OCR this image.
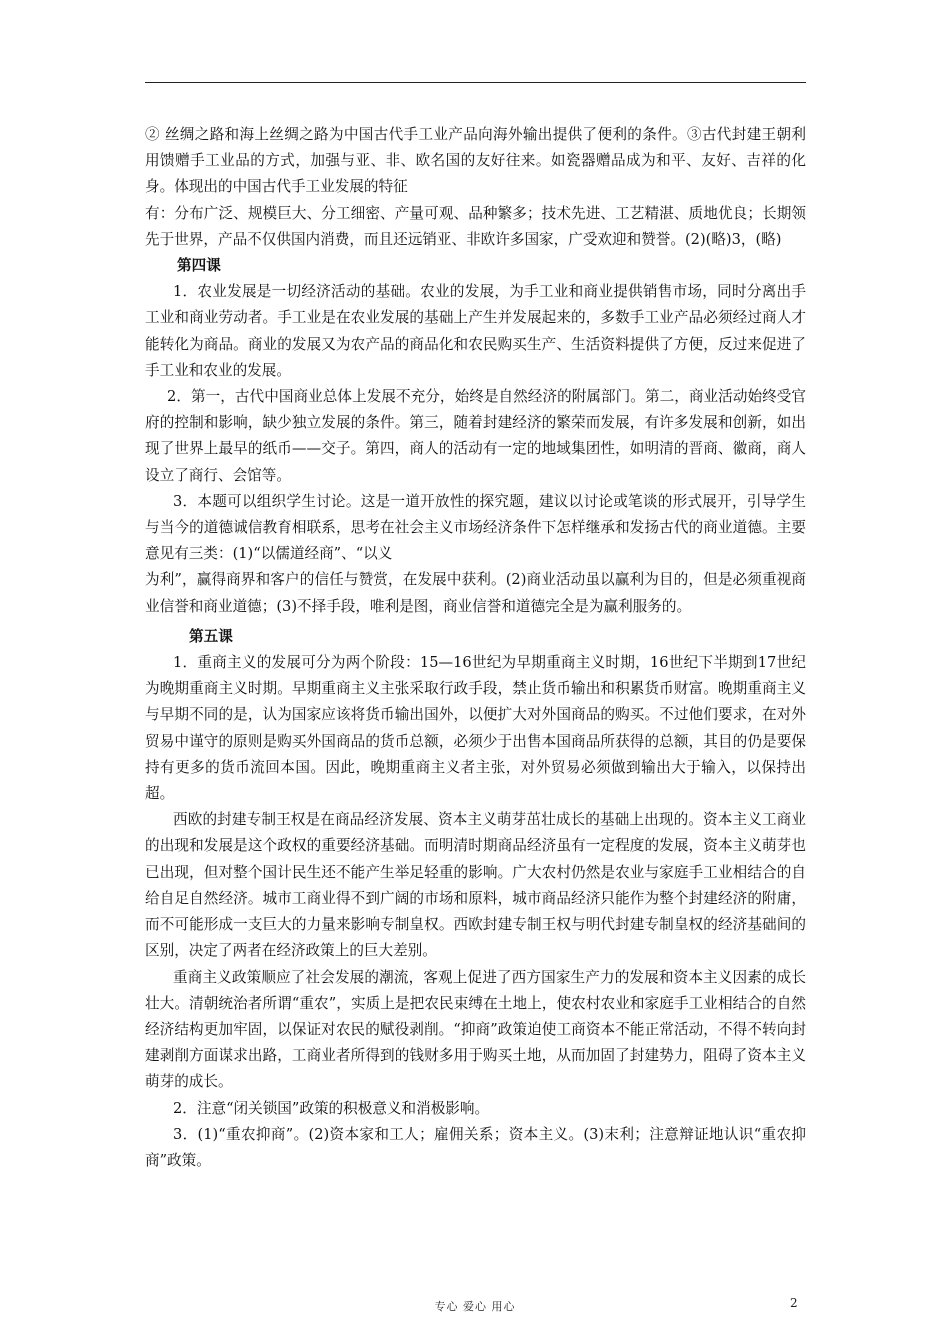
② 丝绸之路和海上丝绸之路为中国古代手工业产品向海外输出提供了便利的条件。③古代封建王朝利用馈赠手工业品的方式，加强与亚、非、欧名国的友好往来。如瓷器赠品成为和平、友好、吉祥的化身。体现出的中国古代手工业发展的特征

有：分布广泛、规模巨大、分工细密、产量可观、品种繁多；技术先进、工艺精湛、质地优良；长期领先于世界，产品不仅供国内消费，而且还远销亚、非欧许多国家，广受欢迎和赞誉。(2)(略)3，(略)

第四课

1．农业发展是一切经济活动的基础。农业的发展，为手工业和商业提供销售市场，同时分离出手工业和商业劳动者。手工业是在农业发展的基础上产生并发展起来的，多数手工业产品必须经过商人才能转化为商品。商业的发展又为农产品的商品化和农民购买生产、生活资料提供了方便，反过来促进了手工业和农业的发展。

2．第一，古代中国商业总体上发展不充分，始终是自然经济的附属部门。第二，商业活动始终受官府的控制和影响，缺少独立发展的条件。第三，随着封建经济的繁荣而发展，有许多发展和创新，如出现了世界上最早的纸币——交子。第四，商人的活动有一定的地域集团性，如明清的晋商、徽商，商人设立了商行、会馆等。

3．本题可以组织学生讨论。这是一道开放性的探究题，建议以讨论或笔谈的形式展开，引导学生与当今的道德诚信教育相联系，思考在社会主义市场经济条件下怎样继承和发扬古代的商业道德。主要意见有三类：(1)“以儒道经商”、“以义

为利”，赢得商界和客户的信任与赞赏，在发展中获利。(2)商业活动虽以赢利为目的，但是必须重视商业信誉和商业道德；(3)不择手段，唯利是图，商业信誉和道德完全是为赢利服务的。

第五课

1．重商主义的发展可分为两个阶段：15—16世纪为早期重商主义时期，16世纪下半期到17世纪为晚期重商主义时期。早期重商主义主张采取行政手段，禁止货币输出和积累货币财富。晚期重商主义与早期不同的是，认为国家应该将货币输出国外，以便扩大对外国商品的购买。不过他们要求，在对外贸易中谨守的原则是购买外国商品的货币总额，必须少于出售本国商品所获得的总额，其目的仍是要保持有更多的货币流回本国。因此，晚期重商主义者主张，对外贸易必须做到输出大于输入，以保持出超。

西欧的封建专制王权是在商品经济发展、资本主义萌芽茁壮成长的基础上出现的。资本主义工商业的出现和发展是这个政权的重要经济基础。而明清时期商品经济虽有一定程度的发展，资本主义萌芽也已出现，但对整个国计民生还不能产生举足轻重的影响。广大农村仍然是农业与家庭手工业相结合的自给自足自然经济。城市工商业得不到广阔的市场和原料，城市商品经济只能作为整个封建经济的附庸，而不可能形成一支巨大的力量来影响专制皇权。西欧封建专制王权与明代封建专制皇权的经济基础间的区别，决定了两者在经济政策上的巨大差别。

重商主义政策顺应了社会发展的潮流，客观上促进了西方国家生产力的发展和资本主义因素的成长壮大。清朝统治者所谓“重农”，实质上是把农民束缚在土地上，使农村农业和家庭手工业相结合的自然经济结构更加牢固，以保证对农民的赋役剥削。“抑商”政策迫使工商资本不能正常活动，不得不转向封建剥削方面谋求出路，工商业者所得到的钱财多用于购买土地，从而加固了封建势力，阻碍了资本主义萌芽的成长。

2．注意“闭关锁国”政策的积极意义和消极影响。

3．(1)“重农抑商”。(2)资本家和工人；雇佣关系；资本主义。(3)末利；注意辩证地认识“重农抑商”政策。

专心 爱心 用心	2
